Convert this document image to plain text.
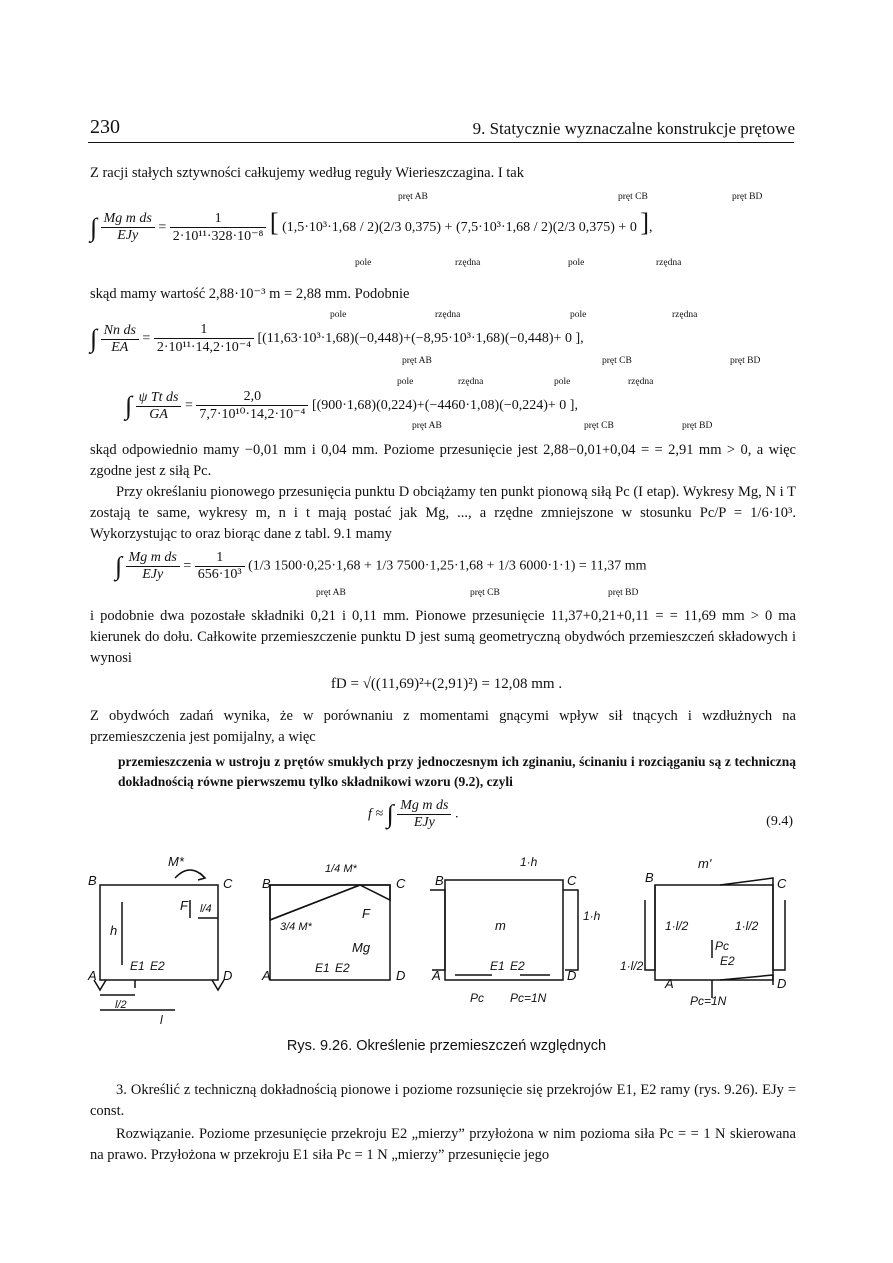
230	9. Statycznie wyznaczalne konstrukcje prętowe
Z racji stałych sztywności całkujemy według reguły Wierieszczagina. I tak
pręt AB	pręt CB	pręt BD
∫ $\frac{\text{Mg m ds}}{\text{EJy}} = \frac{1}{\text{2·10¹¹·328·10⁻⁸}}$ [ (1,5·10³·1,68 / 2)(2/3 0,375) + (7,5·10³·1,68 / 2)(2/3 0,375) + 0 ],
pole	rzędna	pole	rzędna
skąd mamy wartość 2,88·10⁻³ m = 2,88 mm. Podobnie
pole	rzędna	pole	rzędna
∫ $\frac{\text{Nn ds}}{EA} = \frac{1}{\text{2·10¹¹·14,2·10⁻⁴}} [(11,63\cdot 10^3\cdot 1,68)(-0,448)+(-8,95\cdot 10^3\cdot 1,68)(-0,448)+ 0$ ],
pręt AB	pręt CB	pręt BD
pole	rzędna	pole	rzędna
∫ $\frac{\text{ψ Tt ds}}{GA} = \frac{2,0}{\text{7,7·10¹⁰·14,2·10⁻⁴}} [(900\cdot 1,68)(0,224)+(-4460\cdot 1,08)(-0,224)+ 0$ ],
pręt AB	pręt CB	pręt BD
skąd odpowiednio mamy −0,01 mm i 0,04 mm. Poziome przesunięcie jest 2,88−0,01+0,04 = = 2,91 mm > 0, a więc zgodne jest z siłą Pc.
Przy określaniu pionowego przesunięcia punktu D obciążamy ten punkt pionową siłą Pc (I etap). Wykresy Mg, N i T zostają te same, wykresy m, n i t mają postać jak Mg, ..., a rzędne zmniejszone w stosunku Pc/P = 1/6·10³. Wykorzystując to oraz biorąc dane z tabl. 9.1 mamy
∫ $\frac{\text{Mg m ds}}{\text{EJy}} = \frac{1}{\text{656·10³}} (1/3$ 1500·0,25·1,68 + 1/3 7500·1,25·1,68 + 1/3 6000·1·1) = 11,37 mm
pręt AB	pręt CB	pręt BD
i podobnie dwa pozostałe składniki 0,21 i 0,11 mm. Pionowe przesunięcie 11,37+0,21+0,11 = = 11,69 mm > 0 ma kierunek do dołu. Całkowite przemieszczenie punktu D jest sumą geometryczną obydwóch przemieszczeń składowych i wynosi
fD = √((11,69)²+(2,91)²) = 12,08 mm .
Z obydwóch zadań wynika, że w porównaniu z momentami gnącymi wpływ sił tnących i wzdłużnych na przemieszczenia jest pomijalny, a więc
przemieszczenia w ustroju z prętów smukłych przy jednoczesnym ich zginaniu, ścinaniu i rozciąganiu są z techniczną dokładnością równe pierwszemu tylko składnikowi wzoru (9.2), czyli
f ≈ ∫ $\frac{\text{Mg m ds}}{\text{EJy}}$ .	(9.4)
B	C
A	D
M*
F l/4
h
E1 E2
l/2
l
B	C
A	D
1/4 M*
3/4 M*
Mg
F
E1 E2
B	C
A	D
1·h
1·h
m
E1 E2
Pc Pc=1N
B	C
A	D
m'
1·l/2	1·l/2
1·l/2
Pc
E2
Pc=1N
Rys. 9.26. Określenie przemieszczeń względnych
3. Określić z techniczną dokładnością pionowe i poziome rozsunięcie się przekrojów E1, E2 ramy (rys. 9.26). EJy = const.
Rozwiązanie. Poziome przesunięcie przekroju E2 „mierzy” przyłożona w nim pozioma siła Pc = = 1 N skierowana na prawo. Przyłożona w przekroju E1 siła Pc = 1 N „mierzy” przesunięcie jego
